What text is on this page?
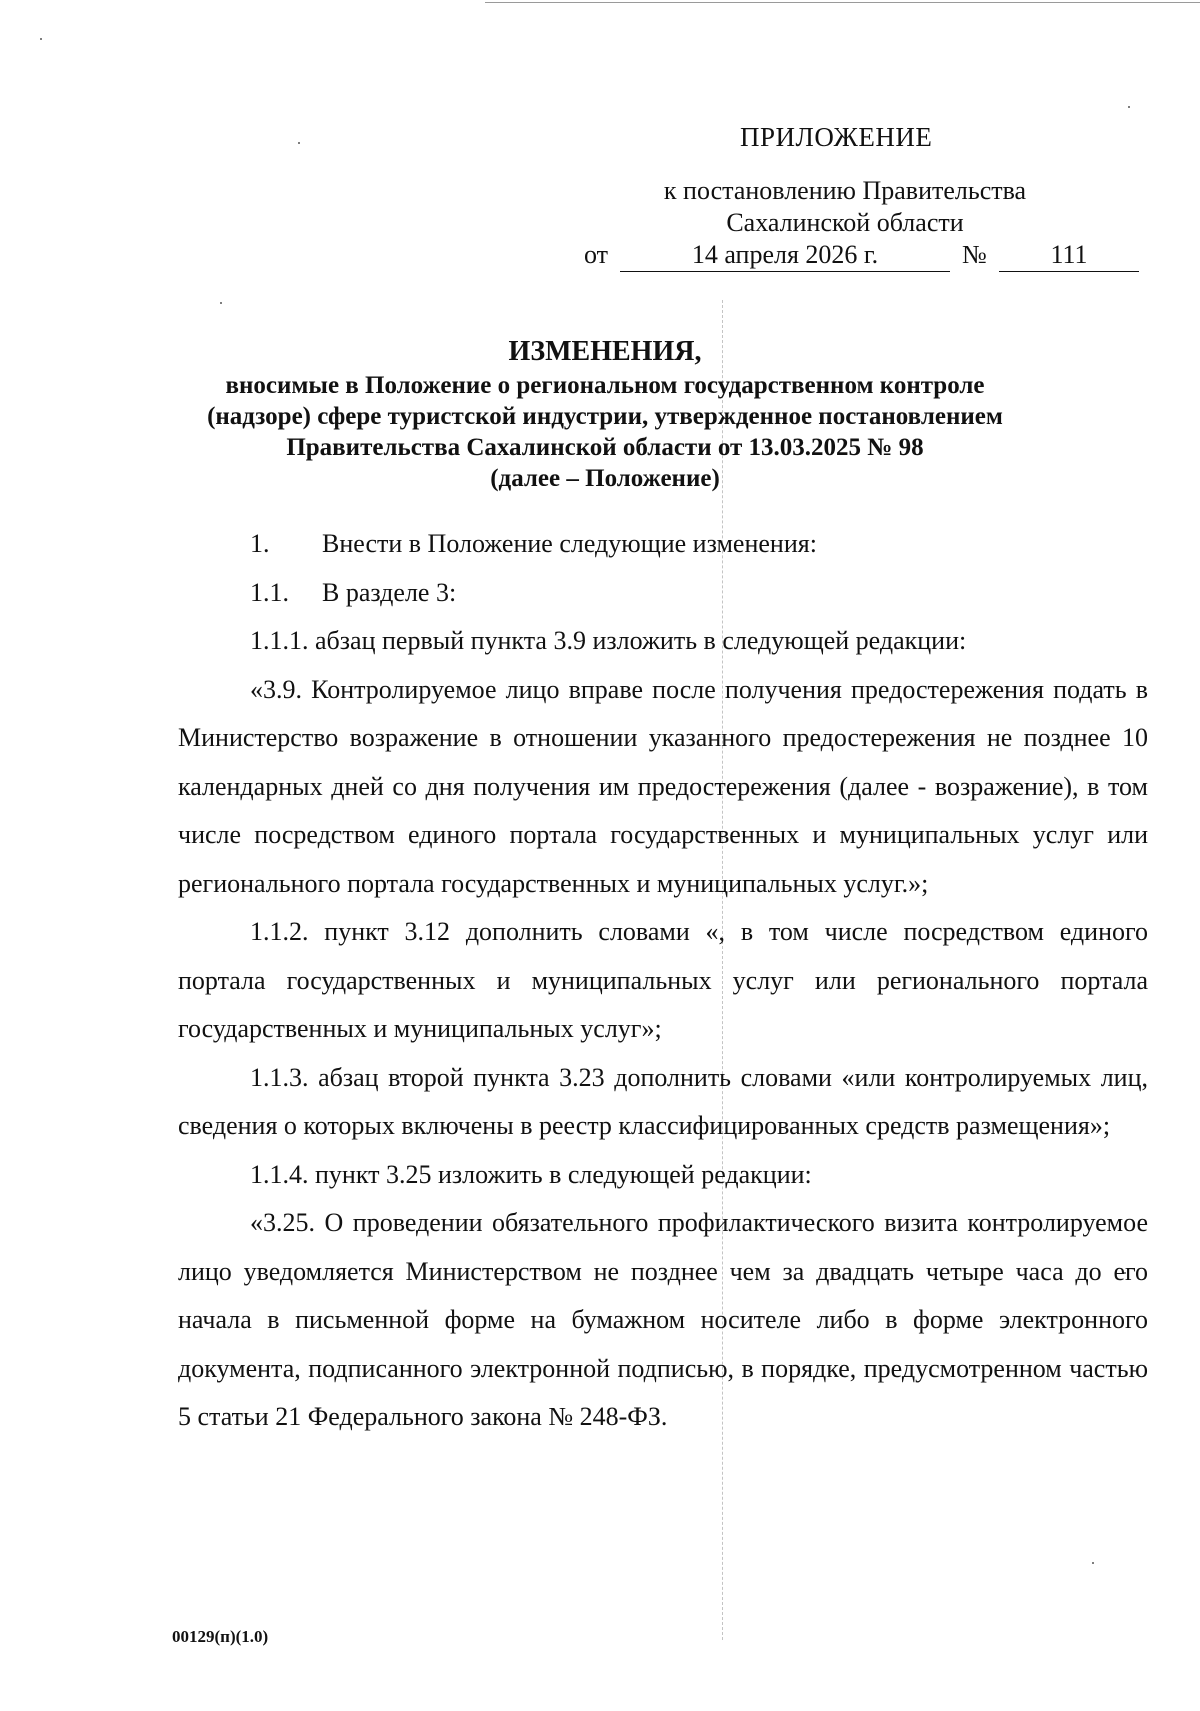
ПРИЛОЖЕНИЕ
к постановлению Правительства
Сахалинской области
от	14 апреля 2026 г.	№	111
ИЗМЕНЕНИЯ,
вносимые в Положение о региональном государственном контроле
(надзоре) сфере туристской индустрии, утвержденное постановлением
Правительства Сахалинской области от 13.03.2025 № 98
(далее – Положение)

1.	Внести в Положение следующие изменения:

1.1.	В разделе 3:

1.1.1. абзац первый пункта 3.9 изложить в следующей редакции:

«3.9. Контролируемое лицо вправе после получения предостережения подать в Министерство возражение в отношении указанного предостережения не позднее 10 календарных дней со дня получения им предостережения (далее - возражение), в том числе посредством единого портала государственных и муниципальных услуг или регионального портала государственных и муниципальных услуг.»;

1.1.2. пункт 3.12 дополнить словами «, в том числе посредством единого портала государственных и муниципальных услуг или регионального портала государственных и муниципальных услуг»;

1.1.3. абзац второй пункта 3.23 дополнить словами «или контролируемых лиц, сведения о которых включены в реестр классифицированных средств размещения»;

1.1.4. пункт 3.25 изложить в следующей редакции:

«3.25. О проведении обязательного профилактического визита контролируемое лицо уведомляется Министерством не позднее чем за двадцать четыре часа до его начала в письменной форме на бумажном носителе либо в форме электронного документа, подписанного электронной подписью, в порядке, предусмотренном частью 5 статьи 21 Федерального закона № 248-ФЗ.

00129(п)(1.0)
